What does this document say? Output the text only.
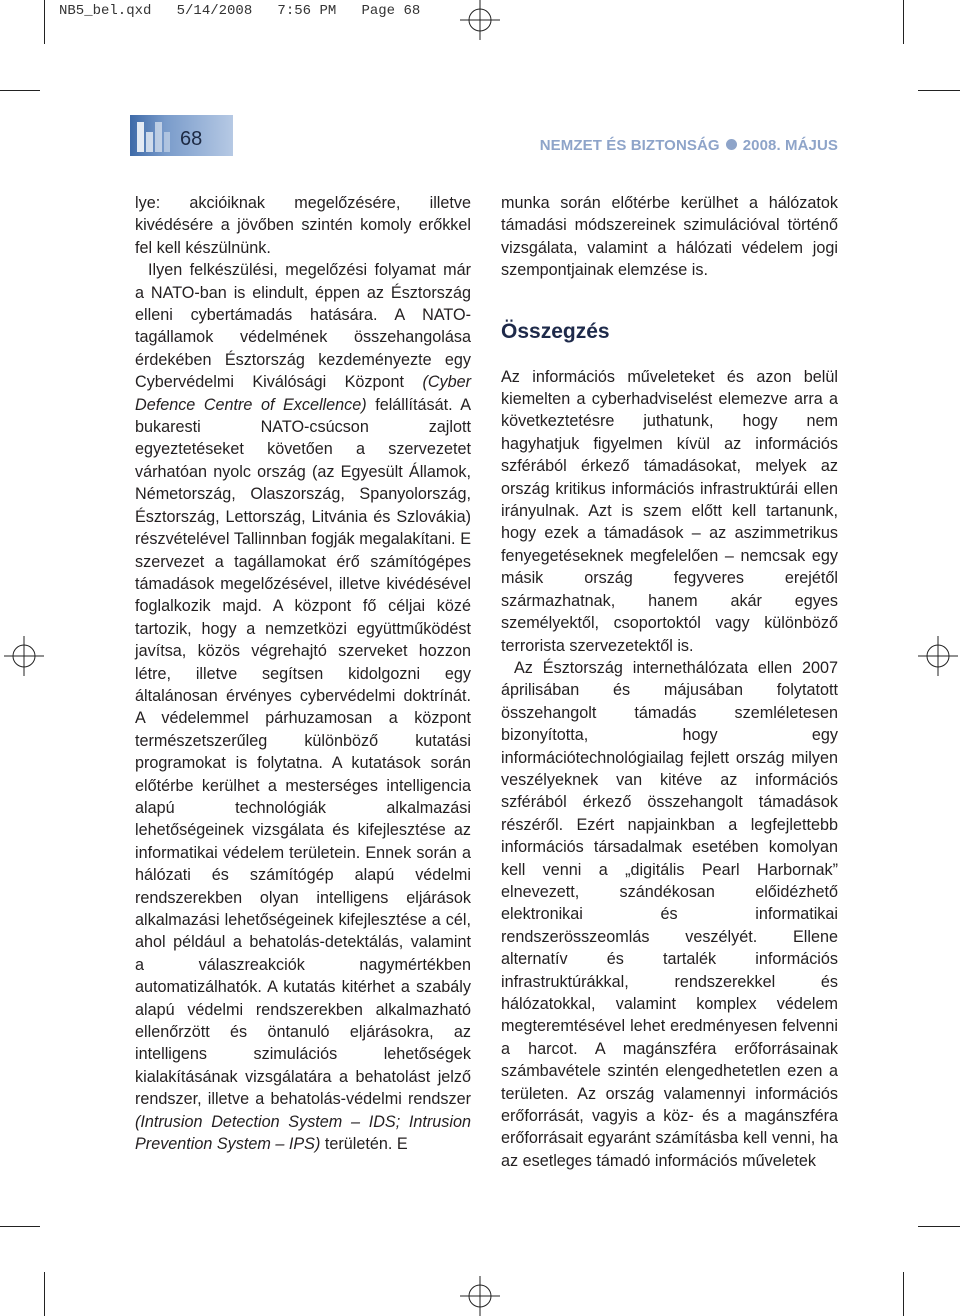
NB5_bel.qxd   5/14/2008   7:56 PM   Page 68
68	NEMZET ÉS BIZTONSÁG 2008. MÁJUS

lye: akcióiknak megelőzésére, illetve kivédésére a jövőben szintén komoly erőkkel fel kell készülnünk.

Ilyen felkészülési, megelőzési folyamat már a NATO-ban is elindult, éppen az Észtország elleni cybertámadás hatására. A NATO-tagállamok védelmének összehangolása érdekében Észtország kezdeményezte egy Cybervédelmi Kiválósági Központ (Cyber Defence Centre of Excellence) felállítását. A bukaresti NATO-csúcson zajlott egyeztetéseket követően a szervezetet várhatóan nyolc ország (az Egyesült Államok, Németország, Olaszország, Spanyolország, Észtország, Lettország, Litvánia és Szlovákia) részvételével Tallinnban fogják megalakítani. E szervezet a tagállamokat érő számítógépes támadások megelőzésével, illetve kivédésével foglalkozik majd. A központ fő céljai közé tartozik, hogy a nemzetközi együttműködést javítsa, közös végrehajtó szerveket hozzon létre, illetve segítsen kidolgozni egy általánosan érvényes cybervédelmi doktrínát. A védelemmel párhuzamosan a központ természetszerűleg különböző kutatási programokat is folytatna. A kutatások során előtérbe kerülhet a mesterséges intelligencia alapú technológiák alkalmazási lehetőségeinek vizsgálata és kifejlesztése az informatikai védelem területein. Ennek során a hálózati és számítógép alapú védelmi rendszerekben olyan intelligens eljárások alkalmazási lehetőségeinek kifejlesztése a cél, ahol például a behatolás-detektálás, valamint a válaszreakciók nagymértékben automatizálhatók. A kutatás kitérhet a szabály alapú védelmi rendszerekben alkalmazható ellenőrzött és öntanuló eljárásokra, az intelligens szimulációs lehetőségek kialakításának vizsgálatára a behatolást jelző rendszer, illetve a behatolás-védelmi rendszer (Intrusion Detection System – IDS; Intrusion Prevention System – IPS) területén. E

munka során előtérbe kerülhet a hálózatok támadási módszereinek szimulációval történő vizsgálata, valamint a hálózati védelem jogi szempontjainak elemzése is.

Összegzés

Az információs műveleteket és azon belül kiemelten a cyberhadviselést elemezve arra a következtetésre juthatunk, hogy nem hagyhatjuk figyelmen kívül az információs szférából érkező támadásokat, melyek az ország kritikus információs infrastruktúrái ellen irányulnak. Azt is szem előtt kell tartanunk, hogy ezek a támadások – az aszimmetrikus fenyegetéseknek megfelelően – nemcsak egy másik ország fegyveres erejétől származhatnak, hanem akár egyes személyektől, csoportoktól vagy különböző terrorista szervezetektől is.

Az Észtország internethálózata ellen 2007 áprilisában és májusában folytatott összehangolt támadás szemléletesen bizonyította, hogy egy információtechnológiailag fejlett ország milyen veszélyeknek van kitéve az információs szférából érkező összehangolt támadások részéről. Ezért napjainkban a legfejlettebb információs társadalmak esetében komolyan kell venni a „digitális Pearl Harbornak” elnevezett, szándékosan előidézhető elektronikai és informatikai rendszerösszeomlás veszélyét. Ellene alternatív és tartalék információs infrastruktúrákkal, rendszerekkel és hálózatokkal, valamint komplex védelem megteremtésével lehet eredményesen felvenni a harcot. A magánszféra erőforrásainak számbavétele szintén elengedhetetlen ezen a területen. Az ország valamennyi információs erőforrását, vagyis a köz- és a magánszféra erőforrásait egyaránt számításba kell venni, ha az esetleges támadó információs műveletek
